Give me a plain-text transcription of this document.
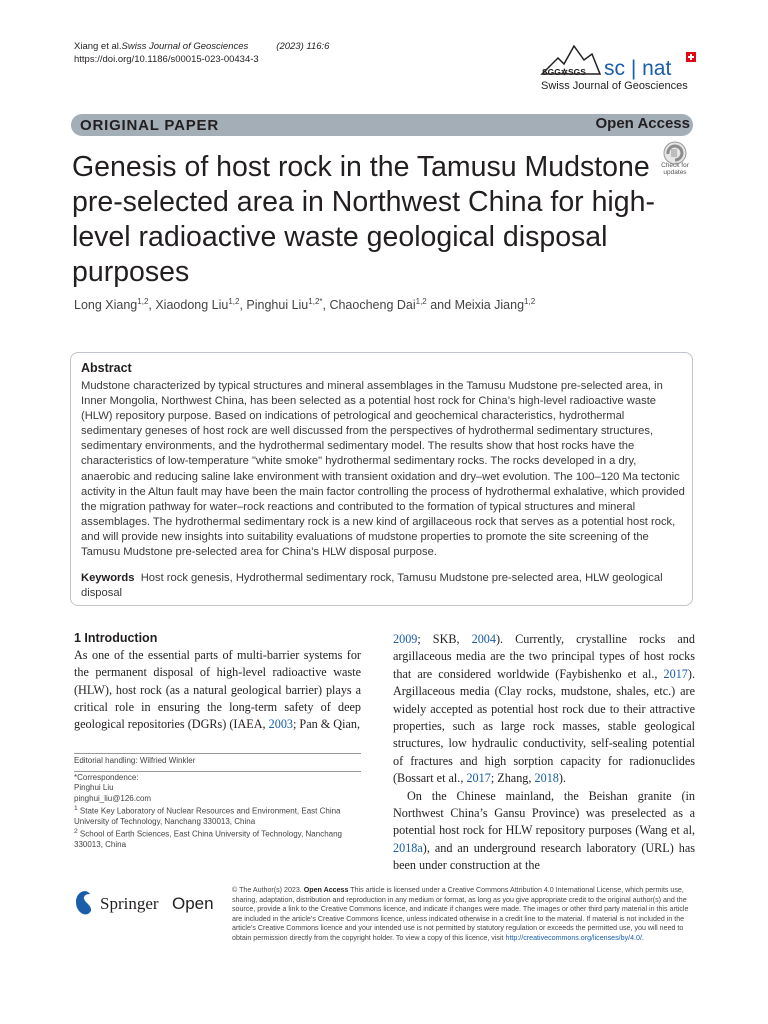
Xiang et al.Swiss Journal of Geosciences	(2023) 116:6
https://doi.org/10.1186/s00015-023-00434-3
SGG✲SGS sc | nat
Swiss Journal of Geosciences
ORIGINAL PAPER	Open Access
Genesis of host rock in the Tamusu Mudstone pre-selected area in Northwest China for high-level radioactive waste geological disposal purposes
Check for updates
Long Xiang$^{1,2}$, Xiaodong Liu$^{1,2}$, Pinghui Liu$^{1,2*}$, Chaocheng Dai$^{1,2}$ and Meixia Jiang$^{1,2}$
Abstract
Mudstone characterized by typical structures and mineral assemblages in the Tamusu Mudstone pre-selected area, in Inner Mongolia, Northwest China, has been selected as a potential host rock for China’s high-level radioactive waste (HLW) repository purpose. Based on indications of petrological and geochemical characteristics, hydrothermal sedimentary geneses of host rock are well discussed from the perspectives of hydrothermal sedimentary structures, sedimentary environments, and the hydrothermal sedimentary model. The results show that host rocks have the characteristics of low-temperature "white smoke" hydrothermal sedimentary rocks. The rocks developed in a dry, anaerobic and reducing saline lake environment with transient oxidation and dry–wet evolution. The 100–120 Ma tectonic activity in the Altun fault may have been the main factor controlling the process of hydrothermal exhalative, which provided the migration pathway for water–rock reactions and contributed to the formation of typical structures and mineral assemblages. The hydrothermal sedimentary rock is a new kind of argillaceous rock that serves as a potential host rock, and will provide new insights into suitability evaluations of mudstone properties to promote the site screening of the Tamusu Mudstone pre-selected area for China’s HLW disposal purpose.
Keywords Host rock genesis, Hydrothermal sedimentary rock, Tamusu Mudstone pre-selected area, HLW geological disposal
1 Introduction
As one of the essential parts of multi-barrier systems for the permanent disposal of high-level radioactive waste (HLW), host rock (as a natural geological barrier) plays a critical role in ensuring the long-term safety of deep geological repositories (DGRs) (IAEA, 2003; Pan & Qian,

2009; SKB, 2004). Currently, crystalline rocks and argillaceous media are the two principal types of host rocks that are considered worldwide (Faybishenko et al., 2017). Argillaceous media (Clay rocks, mudstone, shales, etc.) are widely accepted as potential host rock due to their attractive properties, such as large rock masses, stable geological structures, low hydraulic conductivity, self-sealing potential of fractures and high sorption capacity for radionuclides (Bossart et al., 2017; Zhang, 2018).

On the Chinese mainland, the Beishan granite (in Northwest China’s Gansu Province) was preselected as a potential host rock for HLW repository purposes (Wang et al, 2018a), and an underground research laboratory (URL) has been under construction at the

Editorial handling: Wilfried Winkler
*Correspondence:
Pinghui Liu
pinghui_liu@126.com
$^1$ State Key Laboratory of Nuclear Resources and Environment, East China University of Technology, Nanchang 330013, China
$^2$ School of Earth Sciences, East China University of Technology, Nanchang 330013, China
Springer Open
© The Author(s) 2023. Open Access This article is licensed under a Creative Commons Attribution 4.0 International License, which permits use, sharing, adaptation, distribution and reproduction in any medium or format, as long as you give appropriate credit to the original author(s) and the source, provide a link to the Creative Commons licence, and indicate if changes were made. The images or other third party material in this article are included in the article’s Creative Commons licence, unless indicated otherwise in a credit line to the material. If material is not included in the article’s Creative Commons licence and your intended use is not permitted by statutory regulation or exceeds the permitted use, you will need to obtain permission directly from the copyright holder. To view a copy of this licence, visit http://creativecommons.org/licenses/by/4.0/.
